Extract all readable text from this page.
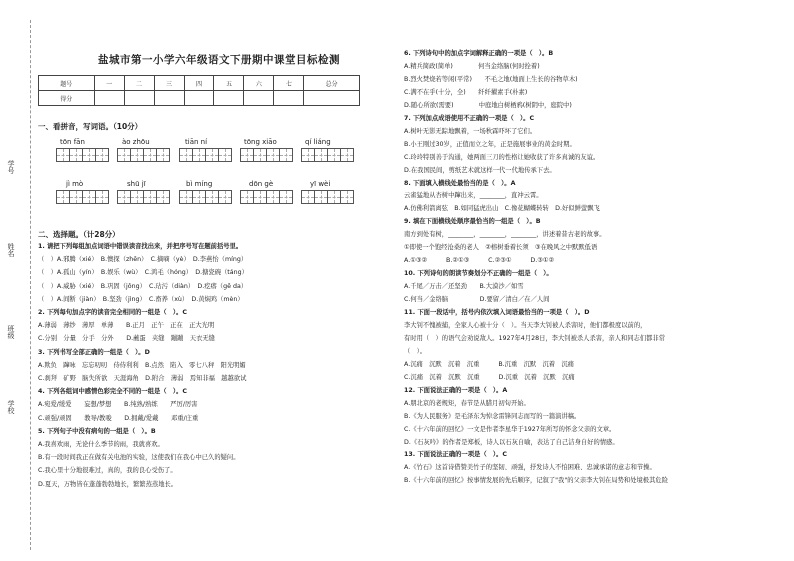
学号
姓名
班级
学校
盐城市第一小学六年级语文下册期中课堂目标检测
题号	一	二	三	四	五	六	七	总分
得分								
一、看拼音，写词语。（10分）
tōn fān	ào zhōu	tiān ní	tōng xiāo	qí liáng
jì mò	shū jī	bì míng	dōn gè	yī wèi
二、选择题。（计28分）
1. 请把下列每组加点词语中错误读音找出来，并把序号写在题前括号里。
（　）A.邪腾（xié）　B.懊探（zhēn）　C.摘嘀（yè）　D.李燕怡（míng）
（　）A.孤山（yín）　B.娱乐（wù）　C.鸿毛（hóng）　D.搪瓷碗（táng）
（　）A.威胁（xié）　B.巩固（jǒng）　C.玷污（diàn）　D.疙瘩（gē da）
（　）A.间断（jiàn）　B.坚劲（jìng）　C.畜养（xù）　D.黄焖鸡（mèn）
2. 下列每句加点字的读音完全相同的一组是（　）。C
A.薄弱　薄纱　薄厚　单薄　　B.正月　正午　正在　正大光明
C.分别　分量　分手　分外　　D.蘸蛋　夹缝　蹦蹦　天衣无缝
3. 下列书写全部正确的一组是（　）。D
A.欺负　蹿咏　忘忘叨叨　侍侍利利　B.点然　陷入　零七八秤　阳光明媚
C.刹拜　矿野　脑失所欲　天涯海角　D.附合　薄弱　焉知非福　越越欲试
4. 下列各组词中感情色彩完全不同的一组是（　）。C
A.宛爱/缓爱　　妄想/梦想　　B.纯熟/熟练　　严厉/厉害
C.顽强/顽固　　教导/教唆　　D.拥戴/爱戴　　邓重/庄重
5. 下列句子中没有病句的一组是（　）。B
A.我喜欢雨，无论什么季节的雨，我就喜欢。
B.有一段时间我正在做有关电池的实验，这使我们在我心中已久的疑问。
C.我心里十分地很难过，真的，我的良心受伤了。
D.夏天，万物皆在蓬蓬勃勃地长，繁繁蒸蒸地长。
6. 下列诗句中的加点字词解释正确的一项是（　）。B
A.精兵简政(简单)　　　　何当金络脑(何时拴着)
B.烈火焚烧若等闲(平常)　　不毛之地(地面上生长的谷物草木)
C.满不在乎(十分，全)　　纤纤擢素手(朴素)
D.随心所欲(需要)　　　　中庭地白树栖鸦(树阴中，庭院中)
7. 下列加点成语使用不正确的一项是（　）。C
A.树叶无影无踪地飘着，一场秋霖吓坏了它们。
B.小王刚过30岁，正值而立之年，正是施展事业的黄金时期。
C.玲玲特别善于沟通，她两面三刀的性格让她收获了许多真诚的友谊。
D.在我国民间，剪纸艺术就这样一代一代地传承下去。
8. 下面填入横线处最恰当的是（　）。A
云雀猛地从杏树中蹿出来，________，直冲云霄。
A.仿佛利箭离弦　B.如同猛虎出山　C.像花蝴蝶转转　D.好似鲜萤飘飞
9. 填在下面横线处顺序最恰当的一组是（　）。B
南方到处有树，________，________，________，讲述着昔古老的故事。
①即使一个饱经沧桑的老人　②榕树垂着长须　③在晚风之中默默低语
A.①③②　　　B.②①③　　　C.②③①　　　D.③①②
10. 下列诗句的朗读节奏划分不正确的一组是（　）。
A.千尾／万击／还坚劲　　B.大漠沙／如雪
C.何当／金络脑　　　　　D.要留／清白／在／人间
11. 下面一段话中，括号内依次填入词语最恰当的一项是（　）。D
李大钊不愧被捕，全家人心被十分（　）。当天李大钊被人杀害时，他们都极度以前的，
有时用（　）的语气会劝说敌人。1927年4月28日，李大钊被杀人杀害，亲人和同志们都非常
（　）。
A.沉痛　沉默　沉着　沉重　　　B.沉重　沉默　沉着　沉痛
C.沉痛　沉着　沉默　沉重　　　D.沉重　沉着　沉默　沉痛
12. 下面说法正确的一项是（　）。A
A.朋北京的老规矩，春节是从腊月初旬开始。
B.《为人民服务》是毛泽东为悼念雷锋同志而写的一篇演讲稿。
C.《十六年前的回忆》一文是作者李星华于1927年所写的怀念父亲的文章。
D.《石灰吟》的作者是郑板，诗人以石灰自喻，表达了自己洁身自好的情感。
13. 下面说法正确的一项是（　）。C
A.《竹石》这首诗借赞美竹子的坚韧、顽强，抒发诗人不怕困难、忠诚承诺的意志和节操。
B.《十六年前的回忆》按事情发展的先后顺序，记叙了"我"的父亲李大钊在局势和处境极其危险
